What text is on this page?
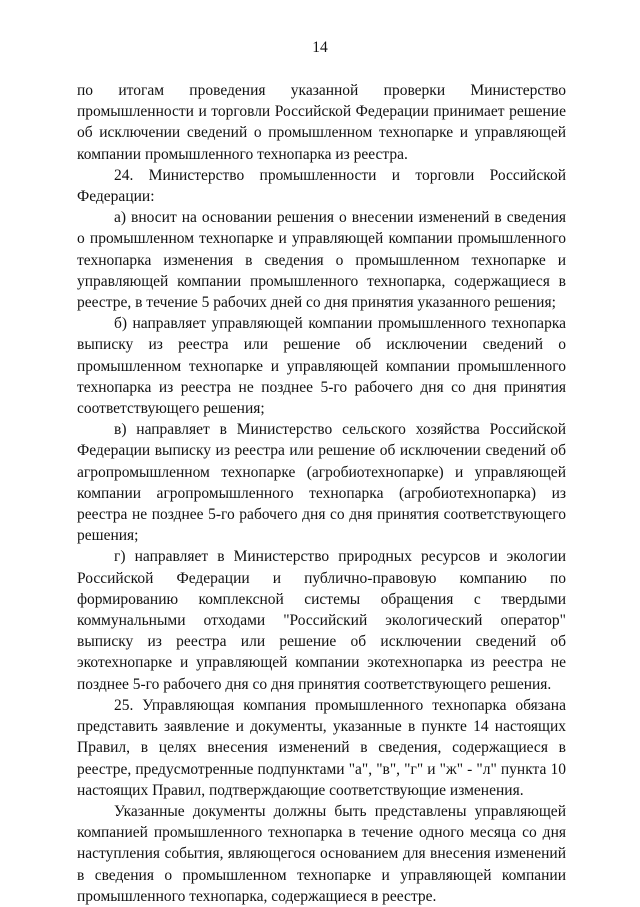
14

по итогам проведения указанной проверки Министерство промышленности и торговли Российской Федерации принимает решение об исключении сведений о промышленном технопарке и управляющей компании промышленного технопарка из реестра.

24. Министерство промышленности и торговли Российской Федерации:

а) вносит на основании решения о внесении изменений в сведения о промышленном технопарке и управляющей компании промышленного технопарка изменения в сведения о промышленном технопарке и управляющей компании промышленного технопарка, содержащиеся в реестре, в течение 5 рабочих дней со дня принятия указанного решения;

б) направляет управляющей компании промышленного технопарка выписку из реестра или решение об исключении сведений о промышленном технопарке и управляющей компании промышленного технопарка из реестра не позднее 5-го рабочего дня со дня принятия соответствующего решения;

в) направляет в Министерство сельского хозяйства Российской Федерации выписку из реестра или решение об исключении сведений об агропромышленном технопарке (агробиотехнопарке) и управляющей компании агропромышленного технопарка (агробиотехнопарка) из реестра не позднее 5-го рабочего дня со дня принятия соответствующего решения;

г) направляет в Министерство природных ресурсов и экологии Российской Федерации и публично-правовую компанию по формированию комплексной системы обращения с твердыми коммунальными отходами "Российский экологический оператор" выписку из реестра или решение об исключении сведений об экотехнопарке и управляющей компании экотехнопарка из реестра не позднее 5-го рабочего дня со дня принятия соответствующего решения.

25. Управляющая компания промышленного технопарка обязана представить заявление и документы, указанные в пункте 14 настоящих Правил, в целях внесения изменений в сведения, содержащиеся в реестре, предусмотренные подпунктами "а", "в", "г" и "ж" - "л" пункта 10 настоящих Правил, подтверждающие соответствующие изменения.

Указанные документы должны быть представлены управляющей компанией промышленного технопарка в течение одного месяца со дня наступления события, являющегося основанием для внесения изменений в сведения о промышленном технопарке и управляющей компании промышленного технопарка, содержащиеся в реестре.
